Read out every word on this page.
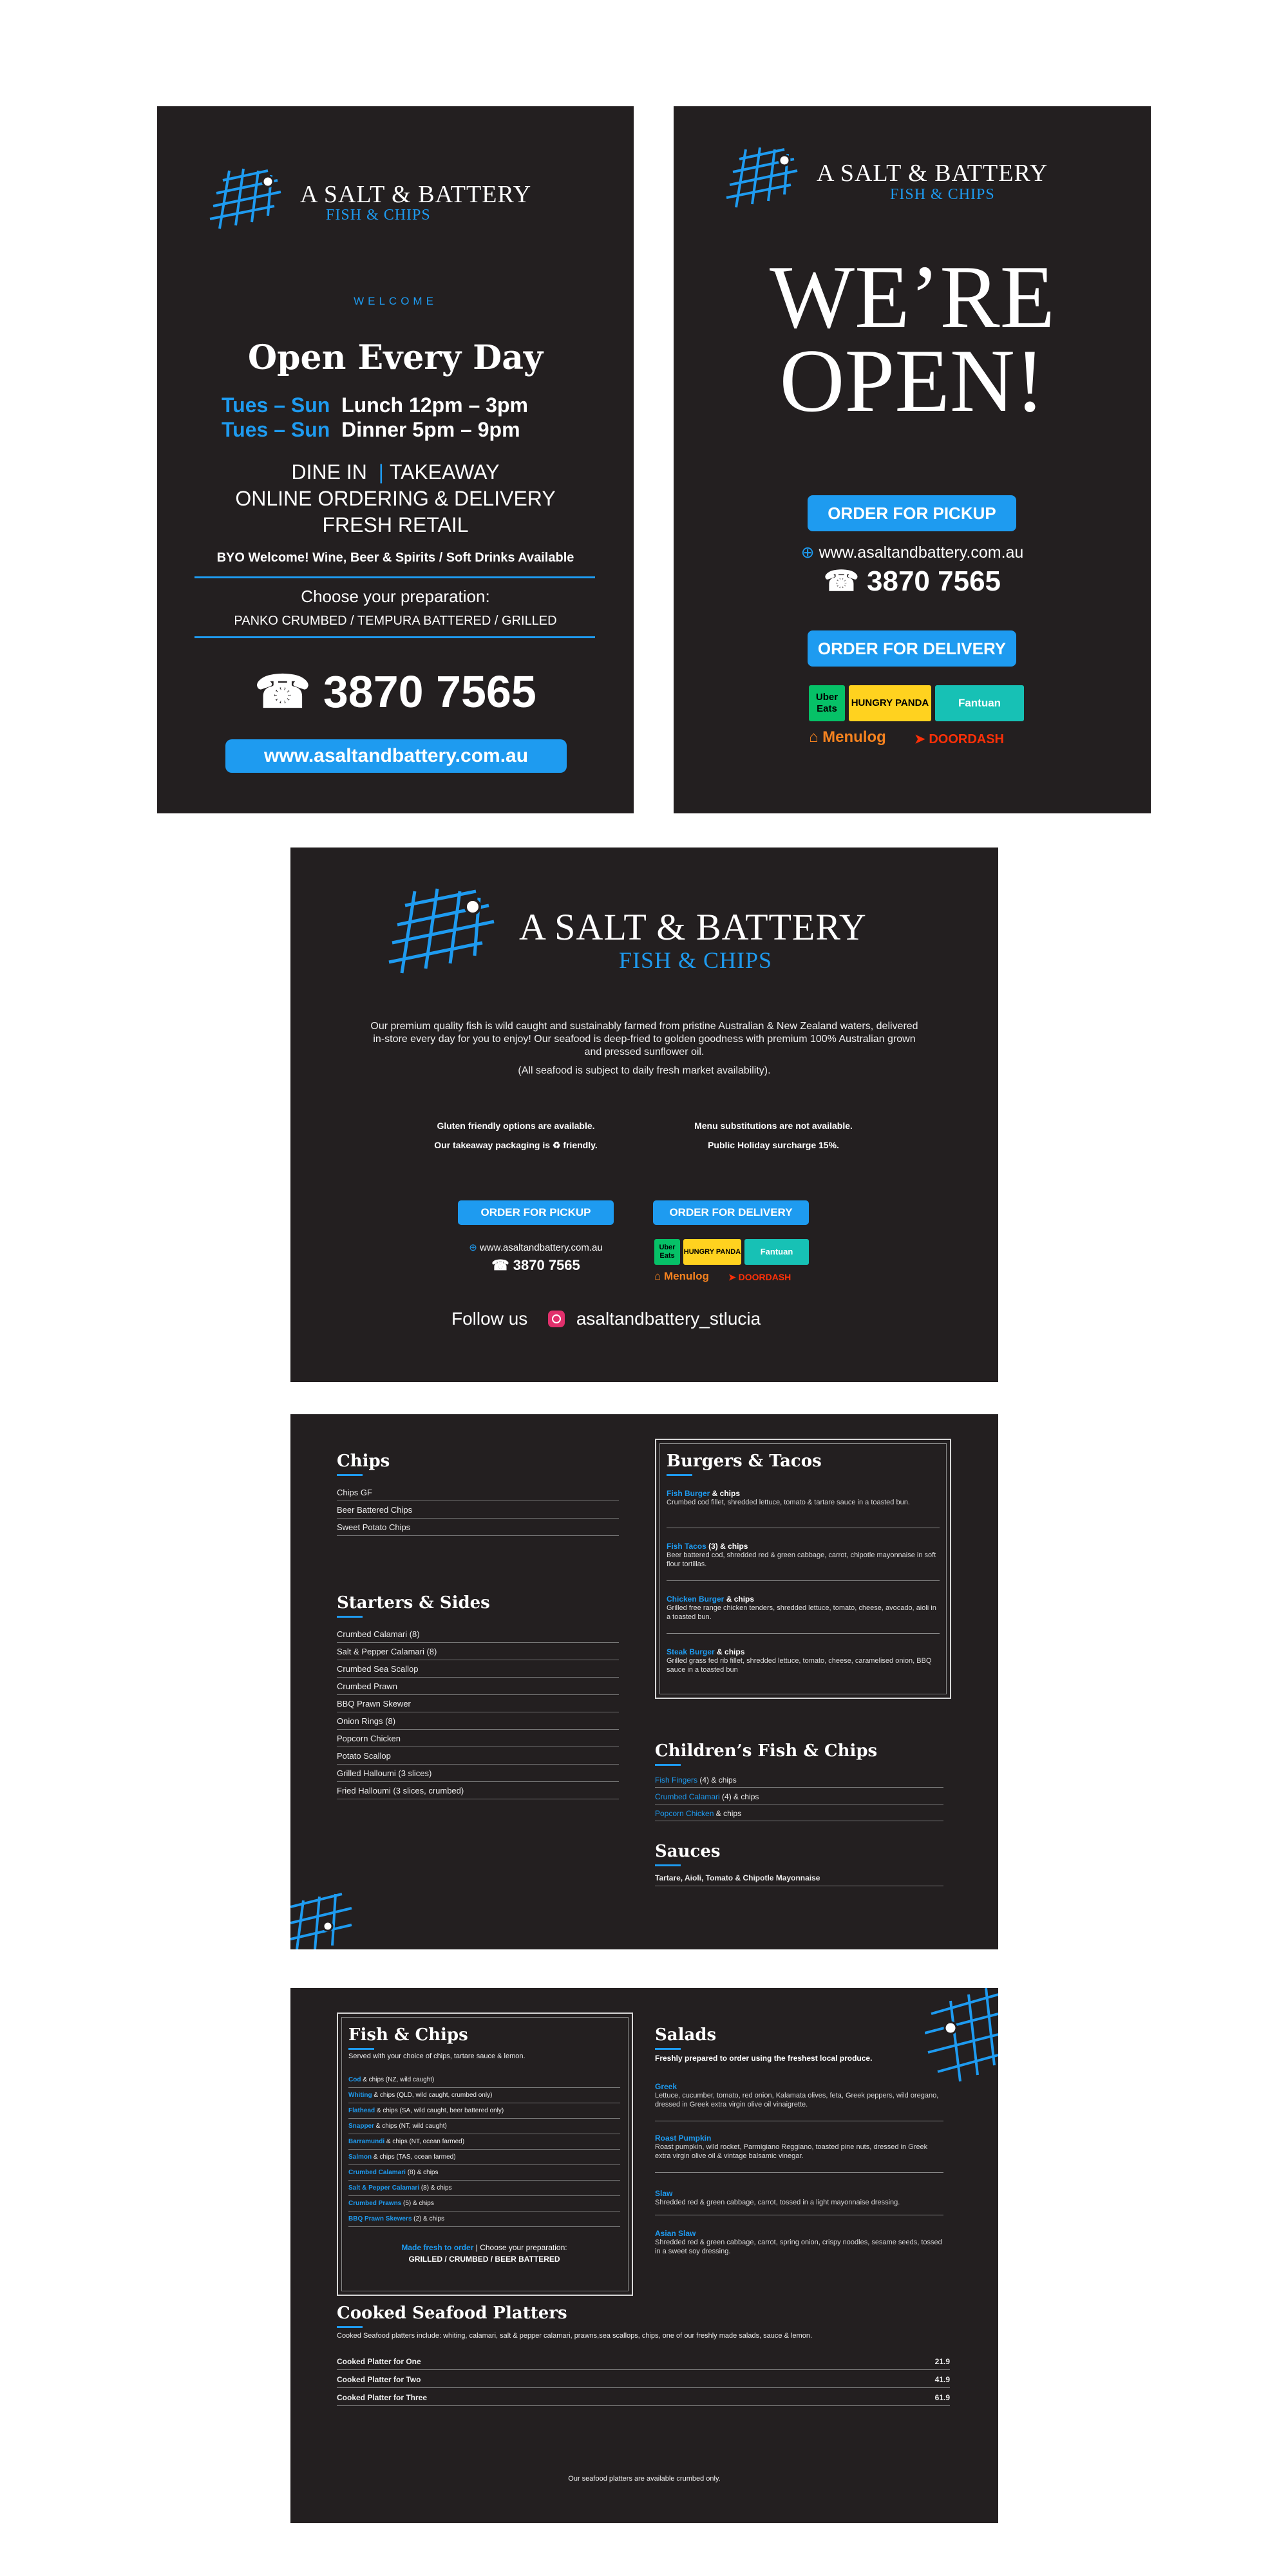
A SALT & BATTERY
FISH & CHIPS
WELCOME
Open Every Day
Tues – Sun Lunch 12pm – 3pm
Tues – Sun Dinner 5pm – 9pm
DINE IN | TAKEAWAY
ONLINE ORDERING & DELIVERY
FRESH RETAIL
BYO Welcome! Wine, Beer & Spirits / Soft Drinks Available
Choose your preparation:
PANKO CRUMBED / TEMPURA BATTERED / GRILLED
☎ 3870 7565
www.asaltandbattery.com.au
A SALT & BATTERY
FISH & CHIPS
WE’RE
OPEN!
ORDER FOR PICKUP
⊕ www.asaltandbattery.com.au
☎ 3870 7565
ORDER FOR DELIVERY
Uber Eats
HUNGRY PANDA	Fantuan
⌂ Menulog ➤ DOORDASH
A SALT & BATTERY
FISH & CHIPS
Our premium quality fish is wild caught and sustainably farmed from pristine Australian & New Zealand waters, delivered in-store every day for you to enjoy! Our seafood is deep-fried to golden goodness with premium 100% Australian grown and pressed sunflower oil.
(All seafood is subject to daily fresh market availability).
Gluten friendly options are available.
Our takeaway packaging is ♻ friendly.
Menu substitutions are not available.
Public Holiday surcharge 15%.
ORDER FOR PICKUP	ORDER FOR DELIVERY
⊕ www.asaltandbattery.com.au
☎ 3870 7565
Uber Eats	HUNGRY PANDA	Fantuan
⌂ Menulog ➤ DOORDASH
Follow us	asaltandbattery_stlucia
Chips
Chips GF
Beer Battered Chips
Sweet Potato Chips
Starters & Sides
Crumbed Calamari (8)
Salt & Pepper Calamari (8)
Crumbed Sea Scallop
Crumbed Prawn
BBQ Prawn Skewer
Onion Rings (8)
Popcorn Chicken
Potato Scallop
Grilled Halloumi (3 slices)
Fried Halloumi (3 slices, crumbed)
Burgers & Tacos
Fish Burger & chips
Crumbed cod fillet, shredded lettuce, tomato & tartare sauce in a toasted bun.
Fish Tacos (3) & chips
Beer battered cod, shredded red & green cabbage, carrot, chipotle mayonnaise in soft flour tortillas.
Chicken Burger & chips
Grilled free range chicken tenders, shredded lettuce, tomato, cheese, avocado, aioli in a toasted bun.
Steak Burger & chips
Grilled grass fed rib fillet, shredded lettuce, tomato, cheese, caramelised onion, BBQ sauce in a toasted bun
Children’s Fish & Chips
Fish Fingers (4) & chips
Crumbed Calamari (4) & chips
Popcorn Chicken & chips
Sauces
Tartare, Aioli, Tomato & Chipotle Mayonnaise
Fish & Chips
Served with your choice of chips, tartare sauce & lemon.
Cod & chips (NZ, wild caught)
Whiting & chips (QLD, wild caught, crumbed only)
Flathead & chips (SA, wild caught, beer battered only)
Snapper & chips (NT, wild caught)
Barramundi & chips (NT, ocean farmed)
Salmon & chips (TAS, ocean farmed)
Crumbed Calamari (8) & chips
Salt & Pepper Calamari (8) & chips
Crumbed Prawns (5) & chips
BBQ Prawn Skewers (2) & chips
Made fresh to order | Choose your preparation:
GRILLED / CRUMBED / BEER BATTERED
Salads
Freshly prepared to order using the freshest local produce.
Greek
Lettuce, cucumber, tomato, red onion, Kalamata olives, feta, Greek peppers, wild oregano, dressed in Greek extra virgin olive oil vinaigrette.
Roast Pumpkin
Roast pumpkin, wild rocket, Parmigiano Reggiano, toasted pine nuts, dressed in Greek extra virgin olive oil & vintage balsamic vinegar.
Slaw
Shredded red & green cabbage, carrot, tossed in a light mayonnaise dressing.
Asian Slaw
Shredded red & green cabbage, carrot, spring onion, crispy noodles, sesame seeds, tossed in a sweet soy dressing.
Cooked Seafood Platters
Cooked Seafood platters include: whiting, calamari, salt & pepper calamari, prawns,sea scallops, chips, one of our freshly made salads, sauce & lemon.
Cooked Platter for One	21.9
Cooked Platter for Two	41.9
Cooked Platter for Three	61.9
Our seafood platters are available crumbed only.
